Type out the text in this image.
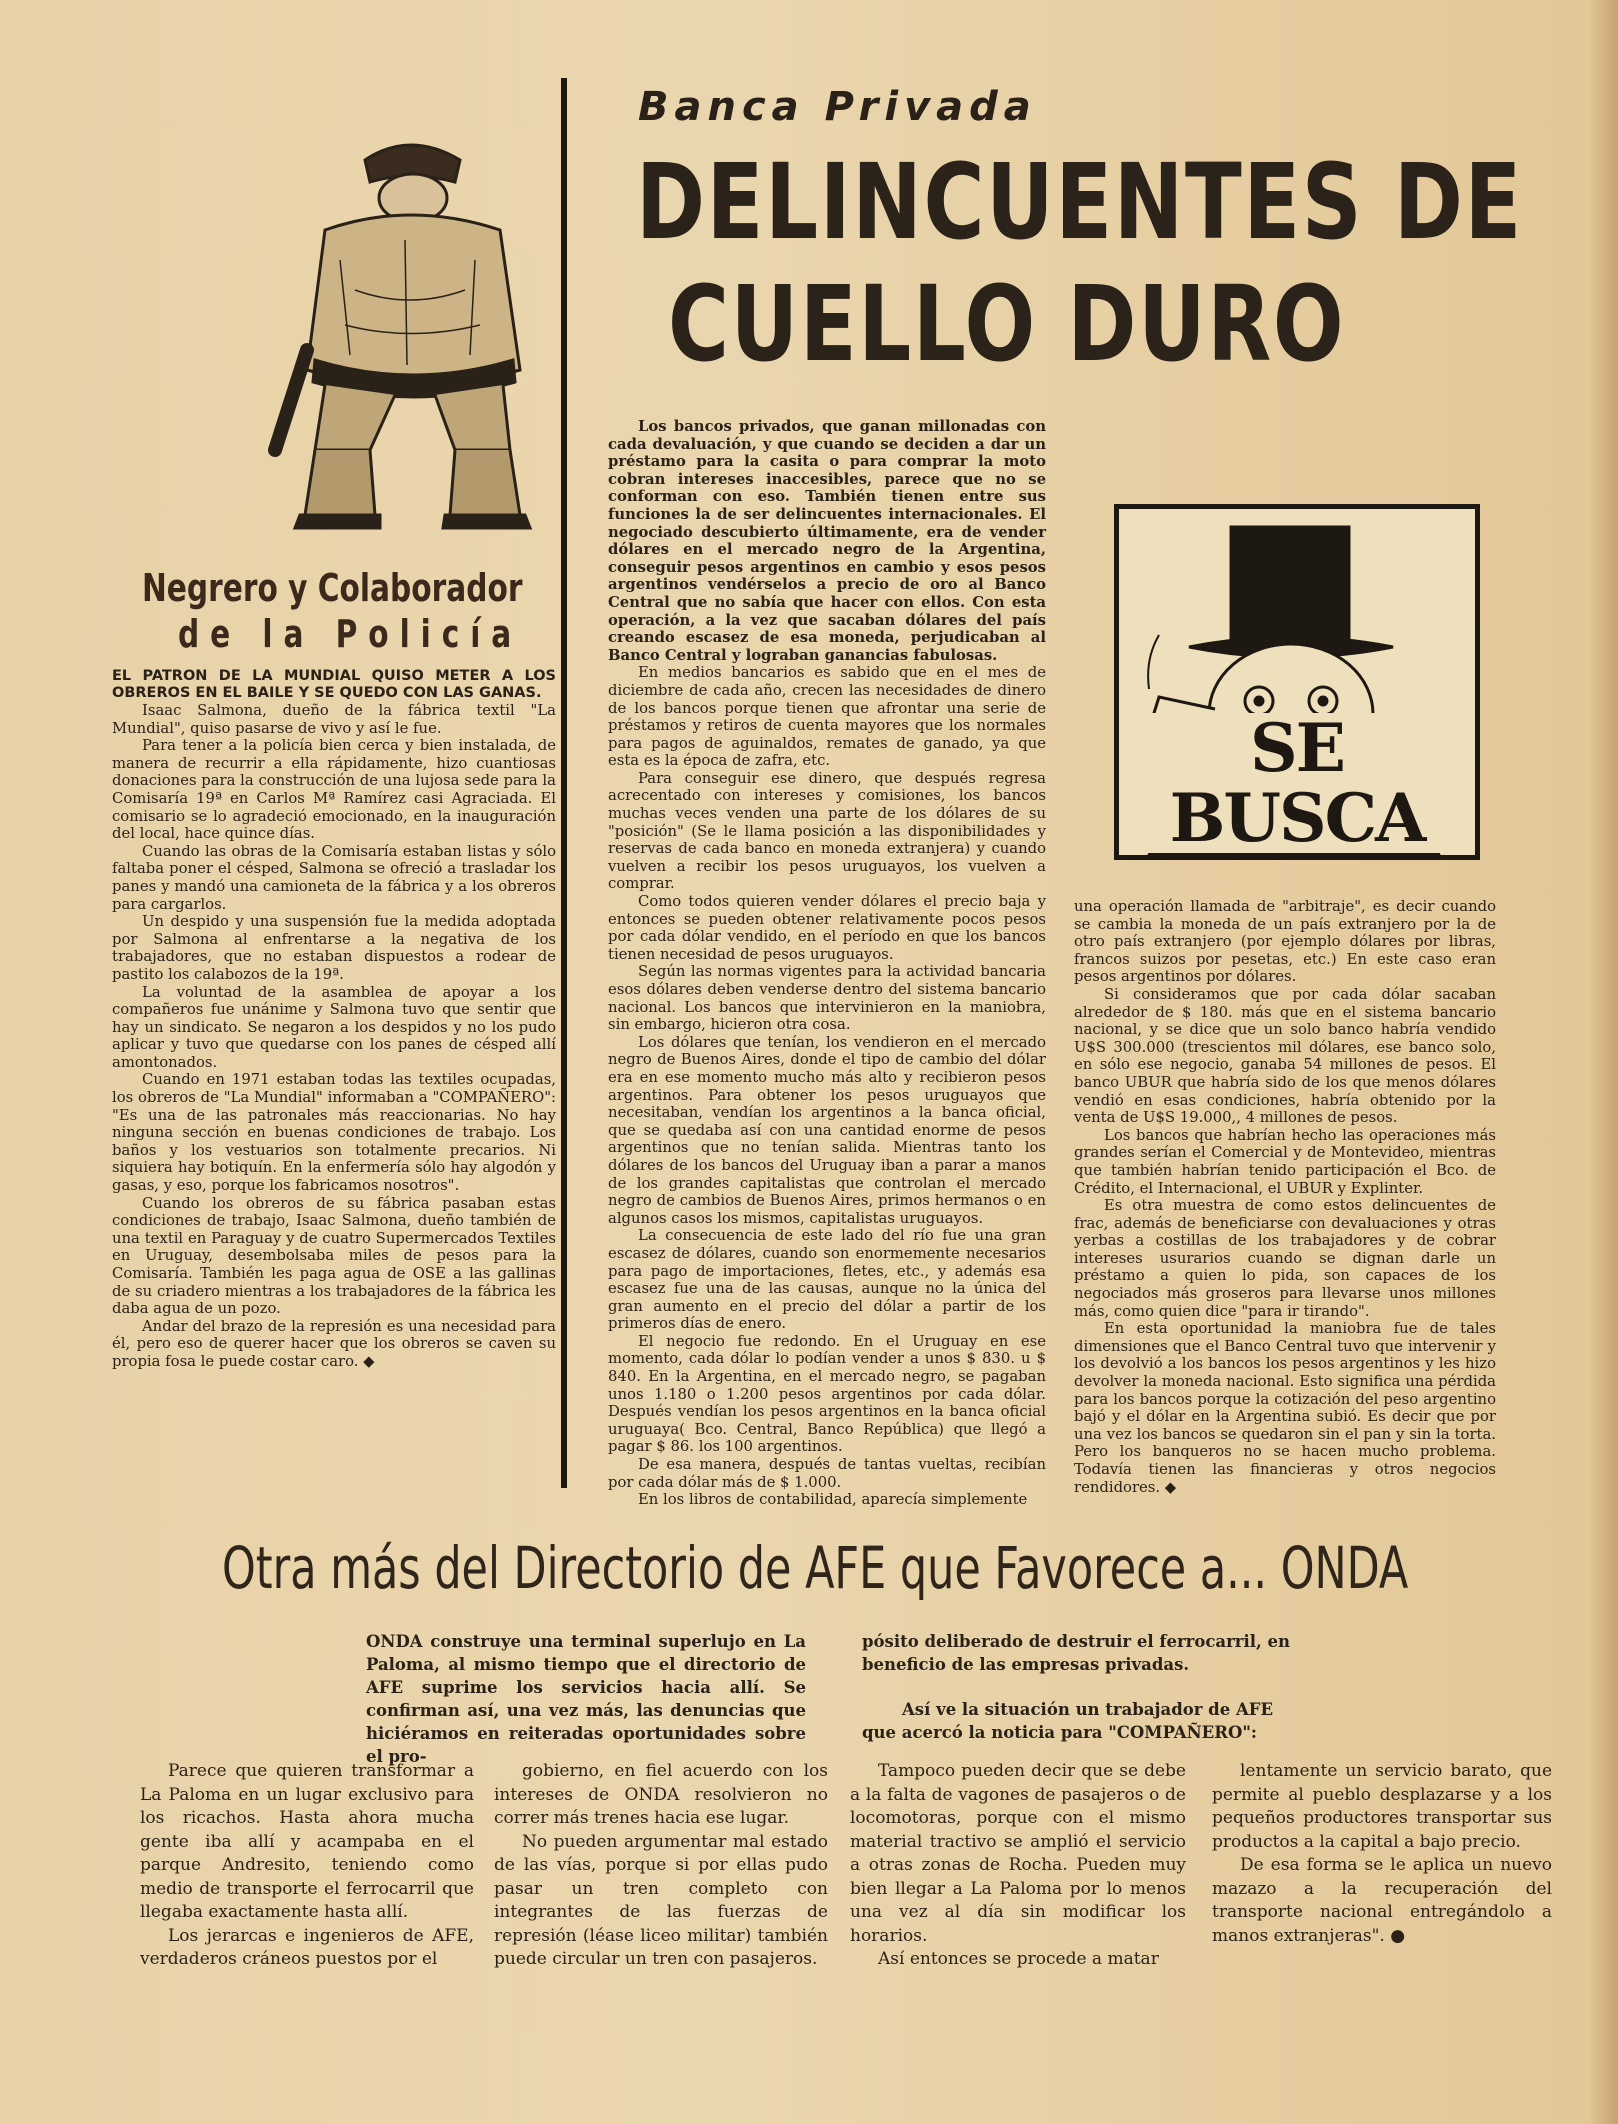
Negrero y Colaborador
de la Policía
EL PATRON DE LA MUNDIAL QUISO METER A LOS OBREROS EN EL BAILE Y SE QUEDO CON LAS GANAS.

Isaac Salmona, dueño de la fábrica textil "La Mundial", quiso pasarse de vivo y así le fue.

Para tener a la policía bien cerca y bien instalada, de manera de recurrir a ella rápidamente, hizo cuantiosas donaciones para la construcción de una lujosa sede para la Comisaría 19ª en Carlos Mª Ramírez casi Agraciada. El comisario se lo agradeció emocionado, en la inauguración del local, hace quince días.

Cuando las obras de la Comisaría estaban listas y sólo faltaba poner el césped, Salmona se ofreció a trasladar los panes y mandó una camioneta de la fábrica y a los obreros para cargarlos.

Un despido y una suspensión fue la medida adoptada por Salmona al enfrentarse a la negativa de los trabajadores, que no estaban dispuestos a rodear de pastito los calabozos de la 19ª.

La voluntad de la asamblea de apoyar a los compañeros fue unánime y Salmona tuvo que sentir que hay un sindicato. Se negaron a los despidos y no los pudo aplicar y tuvo que quedarse con los panes de césped allí amontonados.

Cuando en 1971 estaban todas las textiles ocupadas, los obreros de "La Mundial" informaban a "COMPAÑERO": "Es una de las patronales más reaccionarias. No hay ninguna sección en buenas condiciones de trabajo. Los baños y los vestuarios son totalmente precarios. Ni siquiera hay botiquín. En la enfermería sólo hay algodón y gasas, y eso, porque los fabricamos nosotros".

Cuando los obreros de su fábrica pasaban estas condiciones de trabajo, Isaac Salmona, dueño también de una textil en Paraguay y de cuatro Supermercados Textiles en Uruguay, desembolsaba miles de pesos para la Comisaría. También les paga agua de OSE a las gallinas de su criadero mientras a los trabajadores de la fábrica les daba agua de un pozo.

Andar del brazo de la represión es una necesidad para él, pero eso de querer hacer que los obreros se caven su propia fosa le puede costar caro. ◆

Banca Privada
DELINCUENTES DE
CUELLO DURO

Los bancos privados, que ganan millonadas con cada devaluación, y que cuando se deciden a dar un préstamo para la casita o para comprar la moto cobran intereses inaccesibles, parece que no se conforman con eso. También tienen entre sus funciones la de ser delincuentes internacionales. El negociado descubierto últimamente, era de vender dólares en el mercado negro de la Argentina, conseguir pesos argentinos en cambio y esos pesos argentinos vendérselos a precio de oro al Banco Central que no sabía que hacer con ellos. Con esta operación, a la vez que sacaban dólares del país creando escasez de esa moneda, perjudicaban al Banco Central y lograban ganancias fabulosas.

En medios bancarios es sabido que en el mes de diciembre de cada año, crecen las necesidades de dinero de los bancos porque tienen que afrontar una serie de préstamos y retiros de cuenta mayores que los normales para pagos de aguinaldos, remates de ganado, ya que esta es la época de zafra, etc.

Para conseguir ese dinero, que después regresa acrecentado con intereses y comisiones, los bancos muchas veces venden una parte de los dólares de su "posición" (Se le llama posición a las disponibilidades y reservas de cada banco en moneda extranjera) y cuando vuelven a recibir los pesos uruguayos, los vuelven a comprar.

Como todos quieren vender dólares el precio baja y entonces se pueden obtener relativamente pocos pesos por cada dólar vendido, en el período en que los bancos tienen necesidad de pesos uruguayos.

Según las normas vigentes para la actividad bancaria esos dólares deben venderse dentro del sistema bancario nacional. Los bancos que intervinieron en la maniobra, sin embargo, hicieron otra cosa.

Los dólares que tenían, los vendieron en el mercado negro de Buenos Aires, donde el tipo de cambio del dólar era en ese momento mucho más alto y recibieron pesos argentinos. Para obtener los pesos uruguayos que necesitaban, vendían los argentinos a la banca oficial, que se quedaba así con una cantidad enorme de pesos argentinos que no tenían salida. Mientras tanto los dólares de los bancos del Uruguay iban a parar a manos de los grandes capitalistas que controlan el mercado negro de cambios de Buenos Aires, primos hermanos o en algunos casos los mismos, capitalistas uruguayos.

La consecuencia de este lado del río fue una gran escasez de dólares, cuando son enormemente necesarios para pago de importaciones, fletes, etc., y además esa escasez fue una de las causas, aunque no la única del gran aumento en el precio del dólar a partir de los primeros días de enero.

El negocio fue redondo. En el Uruguay en ese momento, cada dólar lo podían vender a unos $ 830. u $ 840. En la Argentina, en el mercado negro, se pagaban unos 1.180 o 1.200 pesos argentinos por cada dólar. Después vendían los pesos argentinos en la banca oficial uruguaya( Bco. Central, Banco República) que llegó a pagar $ 86. los 100 argentinos.

De esa manera, después de tantas vueltas, recibían por cada dólar más de $ 1.000.

En los libros de contabilidad, aparecía simplemente

SE BUSCA

una operación llamada de "arbitraje", es decir cuando se cambia la moneda de un país extranjero por la de otro país extranjero (por ejemplo dólares por libras, francos suizos por pesetas, etc.) En este caso eran pesos argentinos por dólares.

Si consideramos que por cada dólar sacaban alrededor de $ 180. más que en el sistema bancario nacional, y se dice que un solo banco habría vendido U$S 300.000 (trescientos mil dólares, ese banco solo, en sólo ese negocio, ganaba 54 millones de pesos. El banco UBUR que habría sido de los que menos dólares vendió en esas condiciones, habría obtenido por la venta de U$S 19.000,, 4 millones de pesos.

Los bancos que habrían hecho las operaciones más grandes serían el Comercial y de Montevideo, mientras que también habrían tenido participación el Bco. de Crédito, el Internacional, el UBUR y Explinter.

Es otra muestra de como estos delincuentes de frac, además de beneficiarse con devaluaciones y otras yerbas a costillas de los trabajadores y de cobrar intereses usurarios cuando se dignan darle un préstamo a quien lo pida, son capaces de los negociados más groseros para llevarse unos millones más, como quien dice "para ir tirando".

En esta oportunidad la maniobra fue de tales dimensiones que el Banco Central tuvo que intervenir y los devolvió a los bancos los pesos argentinos y les hizo devolver la moneda nacional. Esto significa una pérdida para los bancos porque la cotización del peso argentino bajó y el dólar en la Argentina subió. Es decir que por una vez los bancos se quedaron sin el pan y sin la torta. Pero los banqueros no se hacen mucho problema. Todavía tienen las financieras y otros negocios rendidores. ◆

Otra más del Directorio de AFE que Favorece a... ONDA
ONDA construye una terminal superlujo en La Paloma, al mismo tiempo que el directorio de AFE suprime los servicios hacia allí. Se confirman así, una vez más, las denuncias que hiciéramos en reiteradas oportunidades sobre el pro-
pósito deliberado de destruir el ferrocarril, en beneficio de las empresas privadas.
Así ve la situación un trabajador de AFE que acercó la noticia para "COMPAÑERO":

Parece que quieren transformar a La Paloma en un lugar exclusivo para los ricachos. Hasta ahora mucha gente iba allí y acampaba en el parque Andresito, teniendo como medio de transporte el ferrocarril que llegaba exactamente hasta allí.

Los jerarcas e ingenieros de AFE, verdaderos cráneos puestos por el

gobierno, en fiel acuerdo con los intereses de ONDA resolvieron no correr más trenes hacia ese lugar.

No pueden argumentar mal estado de las vías, porque si por ellas pudo pasar un tren completo con integrantes de las fuerzas de represión (léase liceo militar) también puede circular un tren con pasajeros.

Tampoco pueden decir que se debe a la falta de vagones de pasajeros o de locomotoras, porque con el mismo material tractivo se amplió el servicio a otras zonas de Rocha. Pueden muy bien llegar a La Paloma por lo menos una vez al día sin modificar los horarios.

Así entonces se procede a matar

lentamente un servicio barato, que permite al pueblo desplazarse y a los pequeños productores transportar sus productos a la capital a bajo precio.

De esa forma se le aplica un nuevo mazazo a la recuperación del transporte nacional entregándolo a manos extranjeras". ●
